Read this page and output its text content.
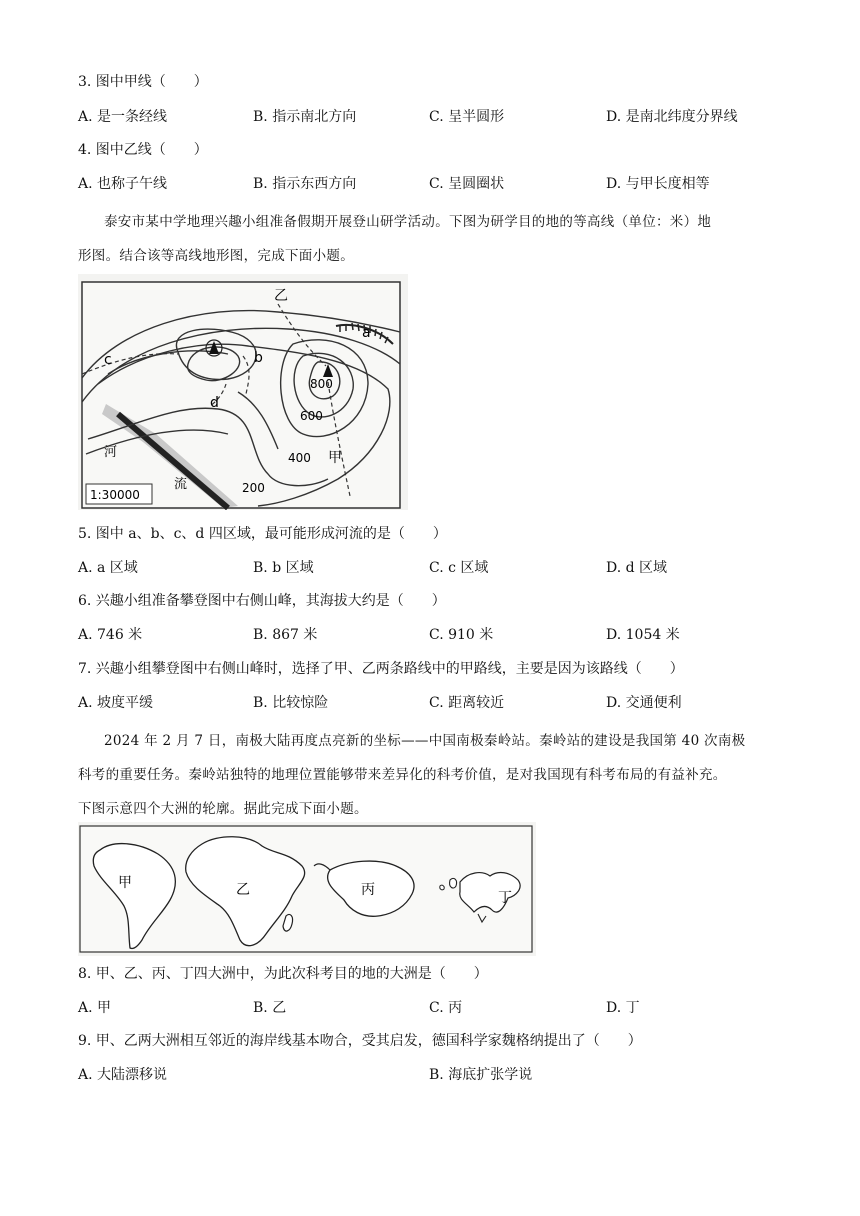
3. 图中甲线（　　）
A. 是一条经线	B. 指示南北方向	C. 呈半圆形	D. 是南北纬度分界线
4. 图中乙线（　　）
A. 也称子午线	B. 指示东西方向	C. 呈圆圈状	D. 与甲长度相等
泰安市某中学地理兴趣小组准备假期开展登山研学活动。下图为研学目的地的等高线（单位：米）地
形图。结合该等高线地形图，完成下面小题。
乙
a
b
c
d
800
600
400
200
甲
河
流
1:30000
5. 图中 a、b、c、d 四区域，最可能形成河流的是（　　）
A. a 区域	B. b 区域	C. c 区域	D. d 区域
6. 兴趣小组准备攀登图中右侧山峰，其海拔大约是（　　）
A. 746 米	B. 867 米	C. 910 米	D. 1054 米
7. 兴趣小组攀登图中右侧山峰时，选择了甲、乙两条路线中的甲路线，主要是因为该路线（　　）
A. 坡度平缓	B. 比较惊险	C. 距离较近	D. 交通便利
2024 年 2 月 7 日，南极大陆再度点亮新的坐标——中国南极秦岭站。秦岭站的建设是我国第 40 次南极
科考的重要任务。秦岭站独特的地理位置能够带来差异化的科考价值，是对我国现有科考布局的有益补充。
下图示意四个大洲的轮廓。据此完成下面小题。
甲	乙	丙	丁
8. 甲、乙、丙、丁四大洲中，为此次科考目的地的大洲是（　　）
A. 甲	B. 乙	C. 丙	D. 丁
9. 甲、乙两大洲相互邻近的海岸线基本吻合，受其启发，德国科学家魏格纳提出了（　　）
A. 大陆漂移说	B. 海底扩张学说
